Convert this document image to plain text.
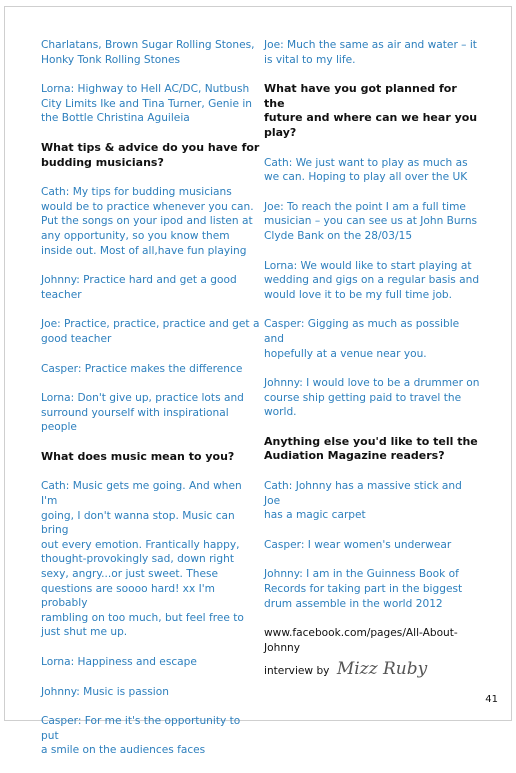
Charlatans, Brown Sugar Rolling Stones,
Honky Tonk Rolling Stones
Lorna: Highway to Hell AC/DC, Nutbush
City Limits Ike and Tina Turner, Genie in
the Bottle Christina Aguileia
What tips & advice do you have for
budding musicians?
Cath: My tips for budding musicians
would be to practice whenever you can.
Put the songs on your ipod and listen at
any opportunity, so you know them
inside out. Most of all,have fun playing
Johnny: Practice hard and get a good
teacher
Joe: Practice, practice, practice and get a
good teacher
Casper: Practice makes the difference
Lorna: Don't give up, practice lots and
surround yourself with inspirational
people
What does music mean to you?
Cath: Music gets me going. And when I'm
going, I don't wanna stop. Music can bring
out every emotion. Frantically happy,
thought-provokingly sad, down right
sexy, angry...or just sweet. These
questions are soooo hard! xx I'm probably
rambling on too much, but feel free to
just shut me up.
Lorna: Happiness and escape
Johnny: Music is passion
Casper: For me it's the opportunity to put
a smile on the audiences faces
Joe: Much the same as air and water – it
is vital to my life.
What have you got planned for the
future and where can we hear you
play?
Cath: We just want to play as much as
we can. Hoping to play all over the UK
Joe: To reach the point I am a full time
musician – you can see us at John Burns
Clyde Bank on the 28/03/15
Lorna: We would like to start playing at
wedding and gigs on a regular basis and
would love it to be my full time job.
Casper: Gigging as much as possible and
hopefully at a venue near you.
Johnny: I would love to be a drummer on
course ship getting paid to travel the
world.
Anything else you'd like to tell the
Audiation Magazine readers?
Cath: Johnny has a massive stick and Joe
has a magic carpet
Casper: I wear women's underwear
Johnny: I am in the Guinness Book of
Records for taking part in the biggest
drum assemble in the world 2012
www.facebook.com/pages/All-About-
Johnny
interview by Mizz Ruby
41
